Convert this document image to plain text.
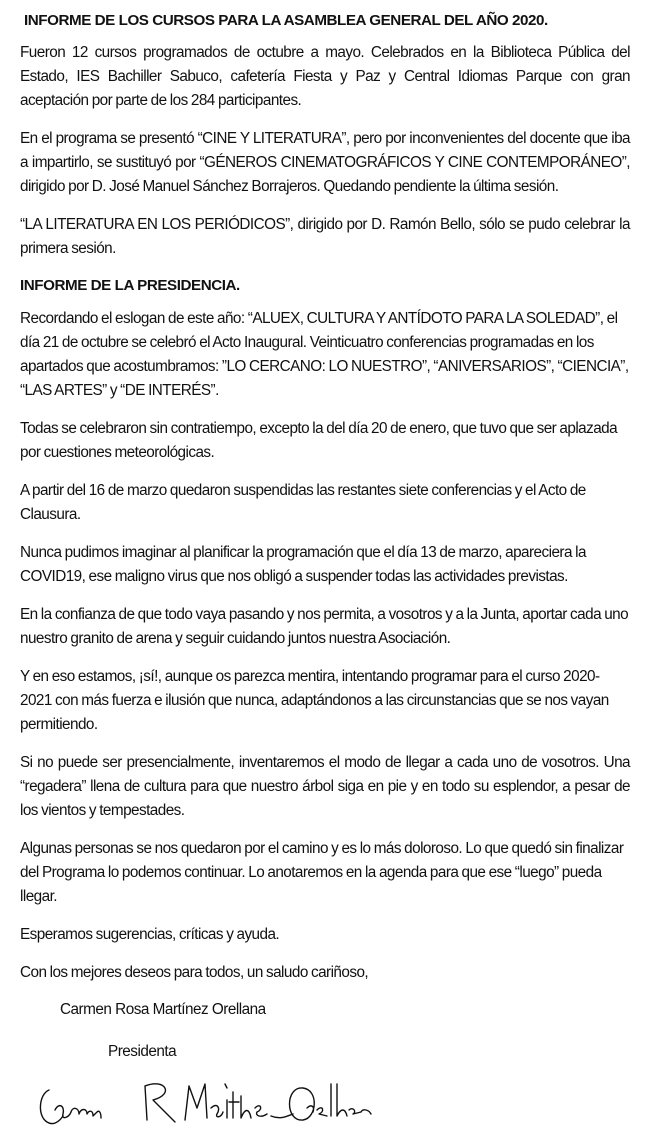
INFORME DE LOS CURSOS PARA LA ASAMBLEA GENERAL DEL AÑO 2020.

Fueron 12 cursos programados de octubre a mayo. Celebrados en la Biblioteca Pública del Estado, IES Bachiller Sabuco, cafetería Fiesta y Paz y Central Idiomas Parque con gran aceptación por parte de los 284 participantes.

En el programa se presentó “CINE Y LITERATURA”, pero por inconvenientes del docente que iba a impartirlo, se sustituyó por “GÉNEROS CINEMATOGRÁFICOS Y CINE CONTEMPORÁNEO”, dirigido por D. José Manuel Sánchez Borrajeros. Quedando pendiente la última sesión.

“LA LITERATURA EN LOS PERIÓDICOS”, dirigido por D. Ramón Bello, sólo se pudo celebrar la primera sesión.

INFORME DE LA PRESIDENCIA.

Recordando el eslogan de este año: “ALUEX, CULTURA Y ANTÍDOTO PARA LA SOLEDAD”, el día 21 de octubre se celebró el Acto Inaugural. Veinticuatro conferencias programadas en los apartados que acostumbramos: ”LO CERCANO: LO NUESTRO”, “ANIVERSARIOS”, “CIENCIA”, “LAS ARTES” y “DE INTERÉS”.

Todas se celebraron sin contratiempo, excepto la del día 20 de enero, que tuvo que ser aplazada por cuestiones meteorológicas.

A partir del 16 de marzo quedaron suspendidas las restantes siete conferencias y el Acto de Clausura.

Nunca pudimos imaginar al planificar la programación que el día 13 de marzo, apareciera la COVID19, ese maligno virus que nos obligó a suspender todas las actividades previstas.

En la confianza de que todo vaya pasando y nos permita, a vosotros y a la Junta, aportar cada uno nuestro granito de arena y seguir cuidando juntos nuestra Asociación.

Y en eso estamos, ¡sí!, aunque os parezca mentira, intentando programar para el curso 2020-2021 con más fuerza e ilusión que nunca, adaptándonos a las circunstancias que se nos vayan permitiendo.

Si no puede ser presencialmente, inventaremos el modo de llegar a cada uno de vosotros. Una “regadera” llena de cultura para que nuestro árbol siga en pie y en todo su esplendor, a pesar de los vientos y tempestades.

Algunas personas se nos quedaron por el camino y es lo más doloroso. Lo que quedó sin finalizar del Programa lo podemos continuar. Lo anotaremos en la agenda para que ese “luego” pueda llegar.

Esperamos sugerencias, críticas y ayuda.

Con los mejores deseos para todos, un saludo cariñoso,

Carmen Rosa Martínez Orellana
Presidenta
